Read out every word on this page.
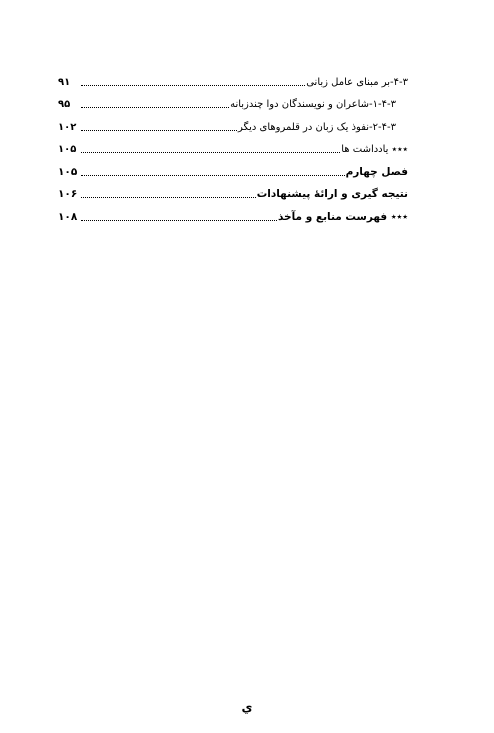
۴-۳-بر مبنای عامل زبانی
۹۱
۱-۴-۳-شاعران و نویسندگان دوا چندزبانه
۹۵
۲-۴-۳-نفوذ یک زبان در قلمروهای دیگر
۱۰۲
٭٭٭ یادداشت ها
۱۰۵
فصل چهارم
۱۰۵
نتیجه گیری و ارائهٔ پیشنهادات
۱۰۶
٭٭٭ فهرست منابع و مآخذ
۱۰۸
ي
